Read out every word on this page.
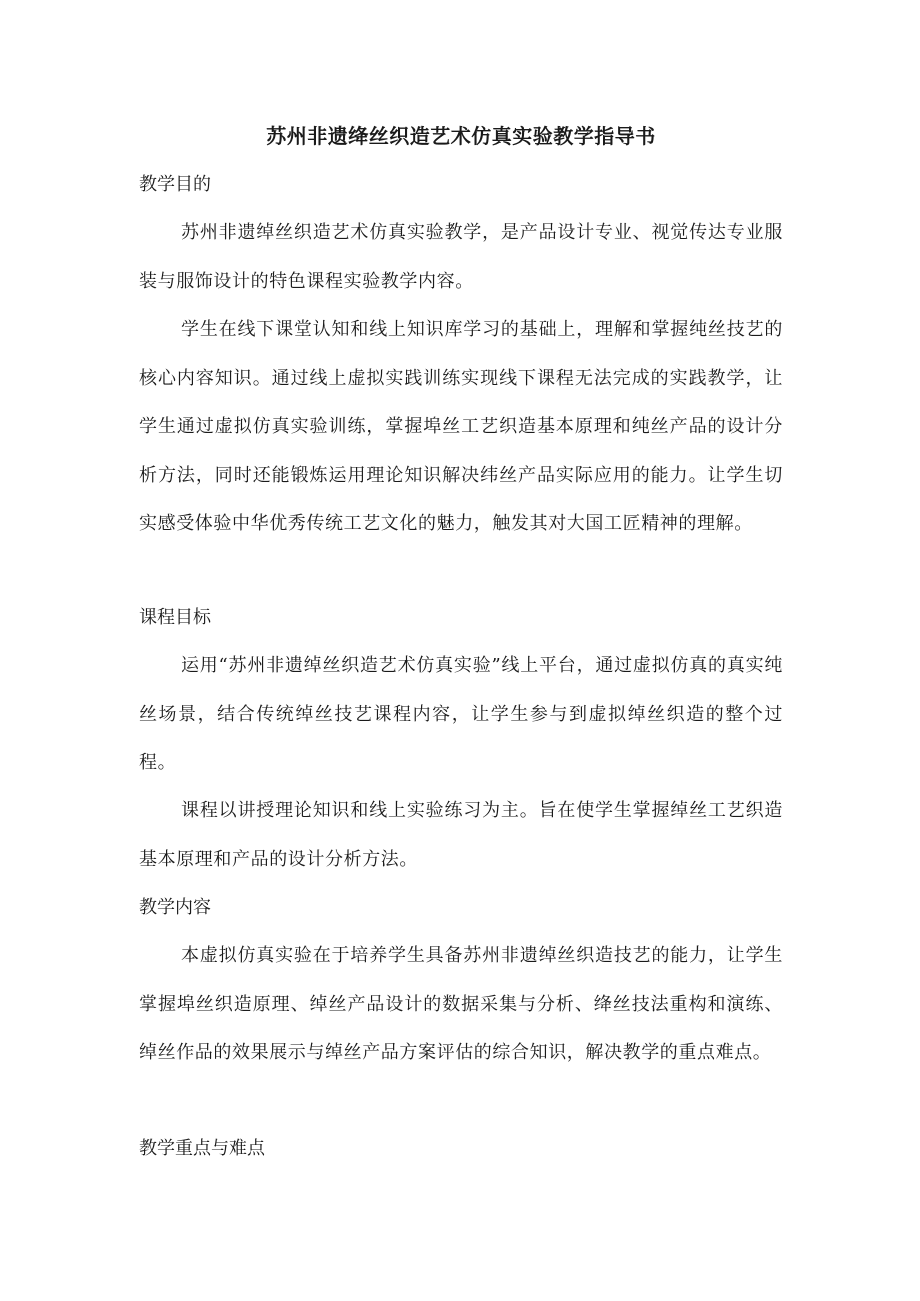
苏州非遗绛丝织造艺术仿真实验教学指导书
教学目的

苏州非遗绰丝织造艺术仿真实验教学，是产品设计专业、视觉传达专业服装与服饰设计的特色课程实验教学内容。

学生在线下课堂认知和线上知识库学习的基础上，理解和掌握纯丝技艺的核心内容知识。通过线上虚拟实践训练实现线下课程无法完成的实践教学，让学生通过虚拟仿真实验训练，掌握埠丝工艺织造基本原理和纯丝产品的设计分析方法，同时还能锻炼运用理论知识解决纬丝产品实际应用的能力。让学生切实感受体验中华优秀传统工艺文化的魅力，触发其对大国工匠精神的理解。

课程目标

运用“苏州非遗绰丝织造艺术仿真实验”线上平台，通过虚拟仿真的真实纯丝场景，结合传统绰丝技艺课程内容，让学生参与到虚拟绰丝织造的整个过程。

课程以讲授理论知识和线上实验练习为主。旨在使学生掌握绰丝工艺织造基本原理和产品的设计分析方法。

教学内容

本虚拟仿真实验在于培养学生具备苏州非遗绰丝织造技艺的能力，让学生掌握埠丝织造原理、绰丝产品设计的数据采集与分析、绛丝技法重构和演练、绰丝作品的效果展示与绰丝产品方案评估的综合知识，解决教学的重点难点。

教学重点与难点
